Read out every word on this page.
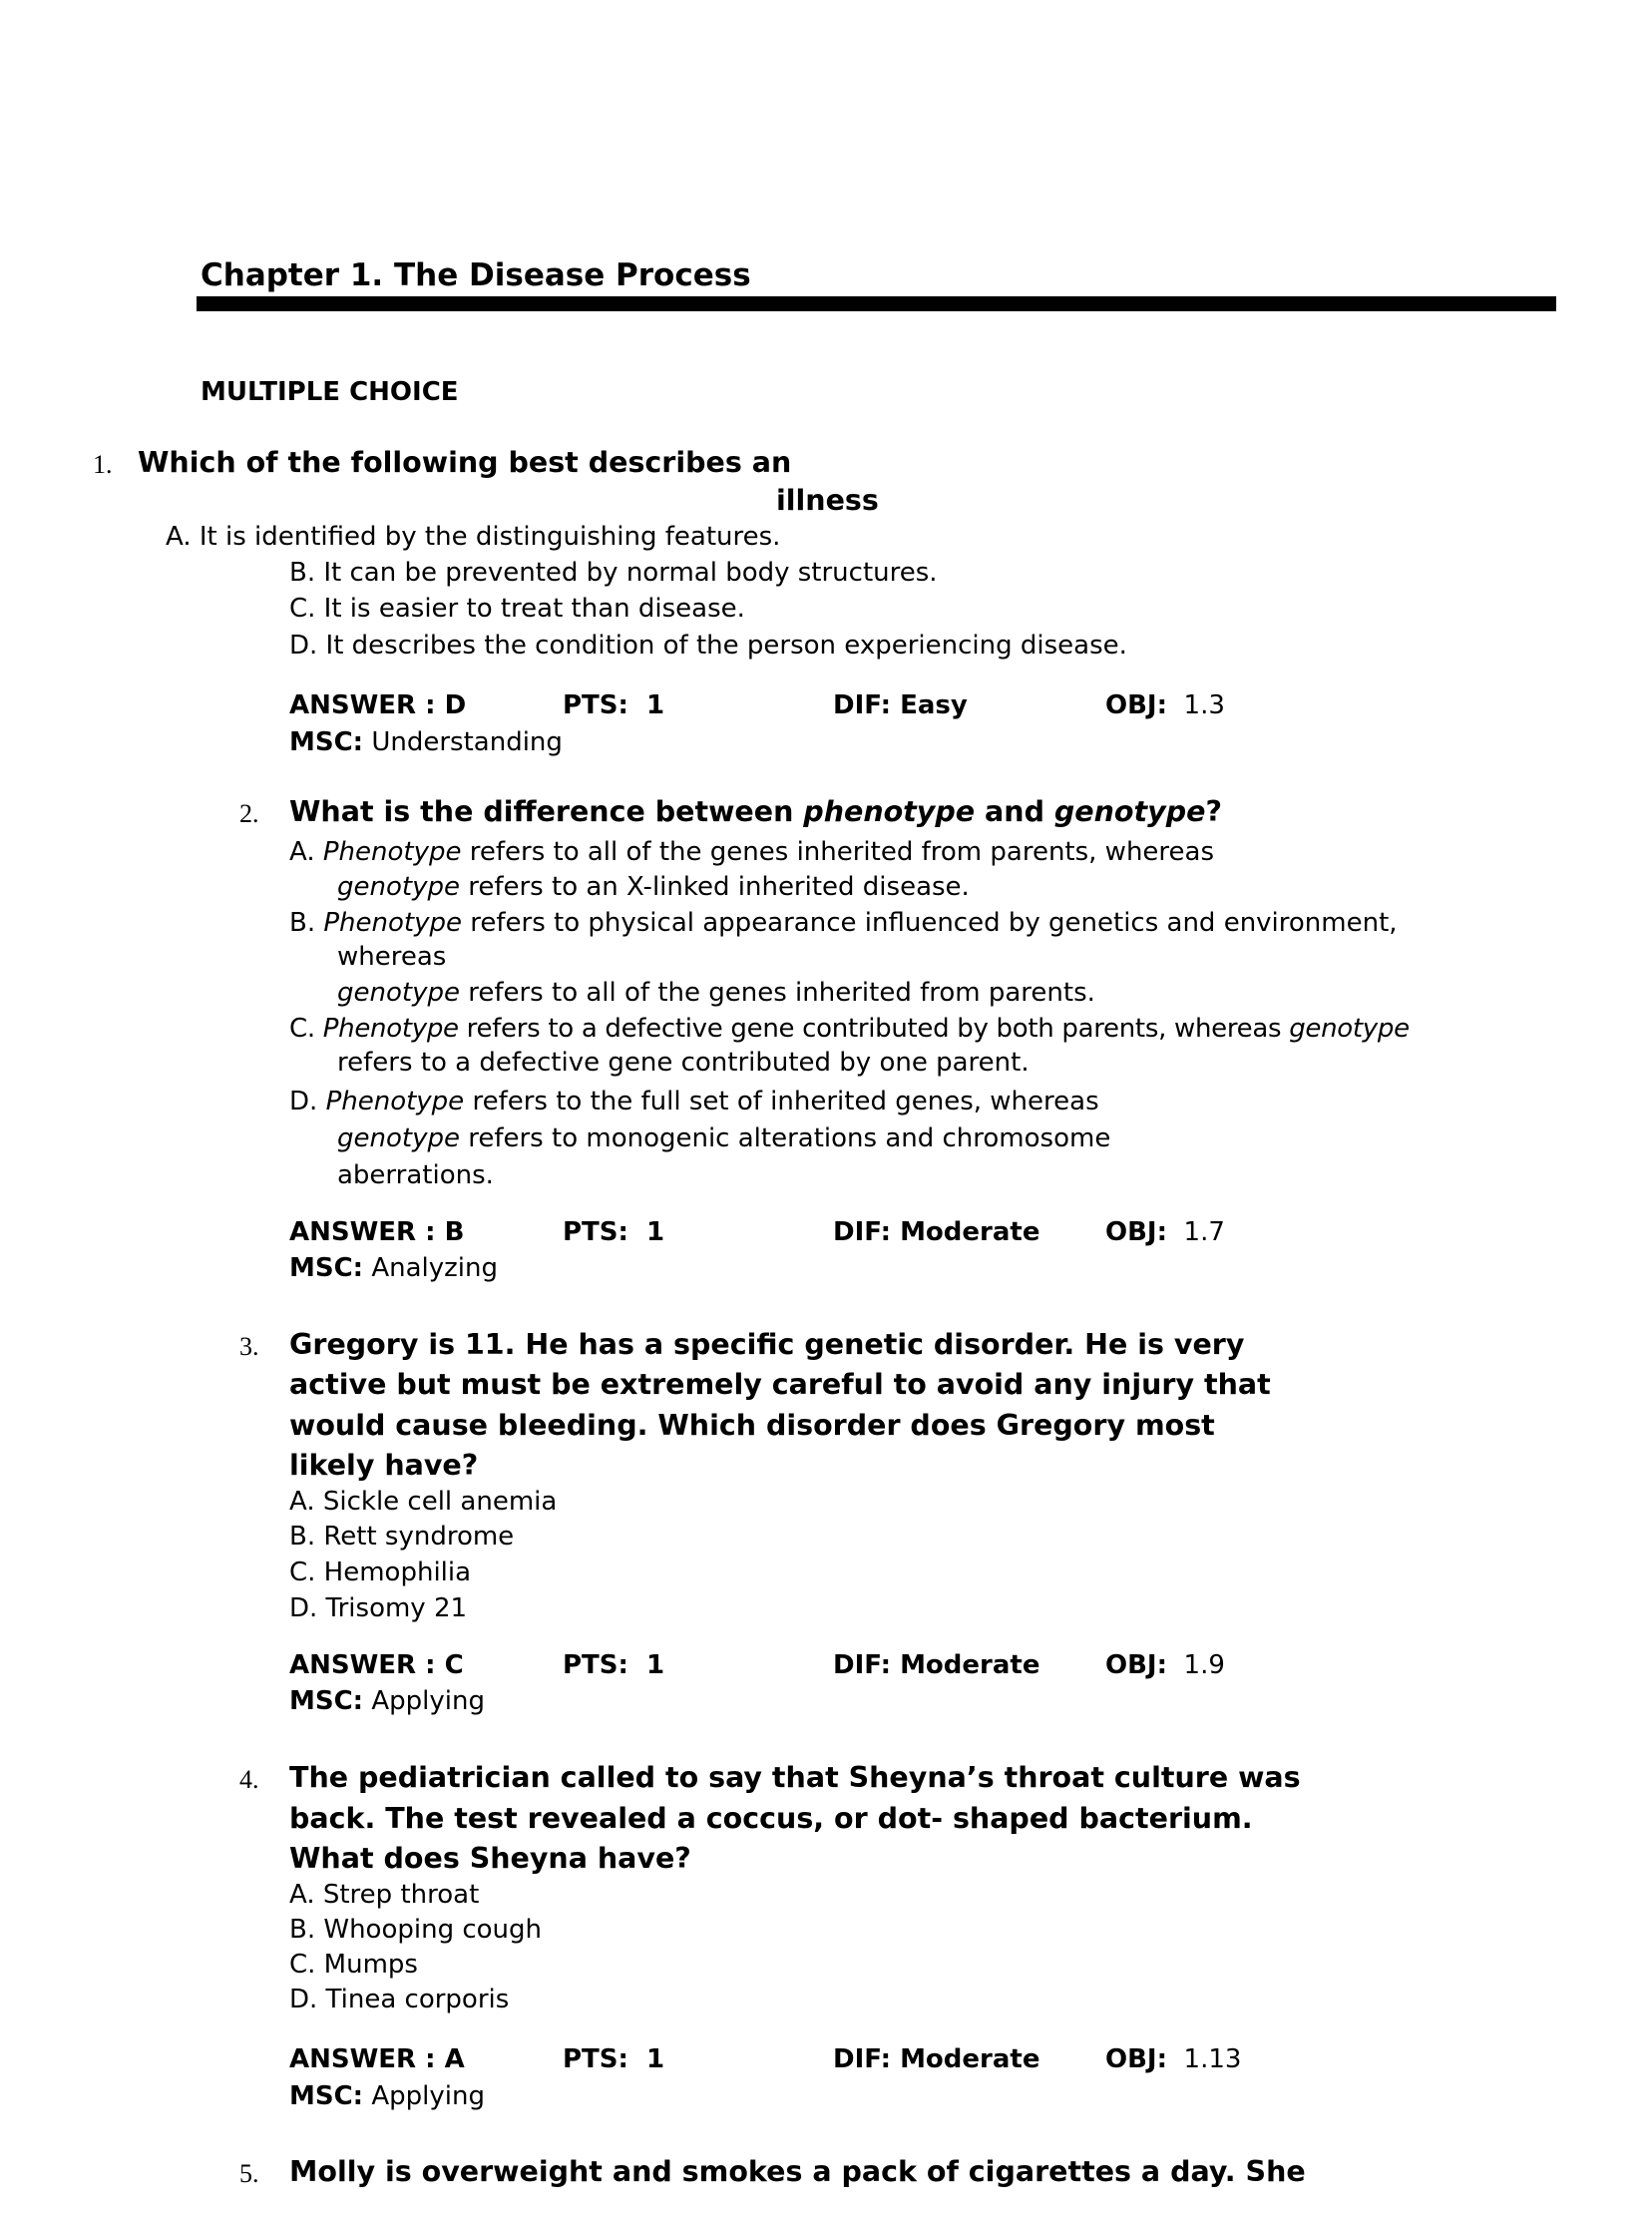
Chapter 1. The Disease Process
MULTIPLE CHOICE
1. Which of the following best describes an
illness
A. It is identified by the distinguishing features.
B. It can be prevented by normal body structures.
C. It is easier to treat than disease.
D. It describes the condition of the person experiencing disease.
ANSWER : D	PTS: 1	DIF: Easy	OBJ: 1.3
MSC: Understanding
2. What is the difference between phenotype and genotype?
A. Phenotype refers to all of the genes inherited from parents, whereas
genotype refers to an X-linked inherited disease.
B. Phenotype refers to physical appearance influenced by genetics and environment,
whereas
genotype refers to all of the genes inherited from parents.
C. Phenotype refers to a defective gene contributed by both parents, whereas genotype
refers to a defective gene contributed by one parent.
D. Phenotype refers to the full set of inherited genes, whereas
genotype refers to monogenic alterations and chromosome
aberrations.
ANSWER : B	PTS: 1	DIF: Moderate	OBJ: 1.7
MSC: Analyzing
3. Gregory is 11. He has a specific genetic disorder. He is very
active but must be extremely careful to avoid any injury that
would cause bleeding. Which disorder does Gregory most
likely have?
A. Sickle cell anemia
B. Rett syndrome
C. Hemophilia
D. Trisomy 21
ANSWER : C	PTS: 1	DIF: Moderate	OBJ: 1.9
MSC: Applying
4. The pediatrician called to say that Sheyna’s throat culture was
back. The test revealed a coccus, or dot- shaped bacterium.
What does Sheyna have?
A. Strep throat
B. Whooping cough
C. Mumps
D. Tinea corporis
ANSWER : A	PTS: 1	DIF: Moderate	OBJ: 1.13
MSC: Applying
5. Molly is overweight and smokes a pack of cigarettes a day. She
